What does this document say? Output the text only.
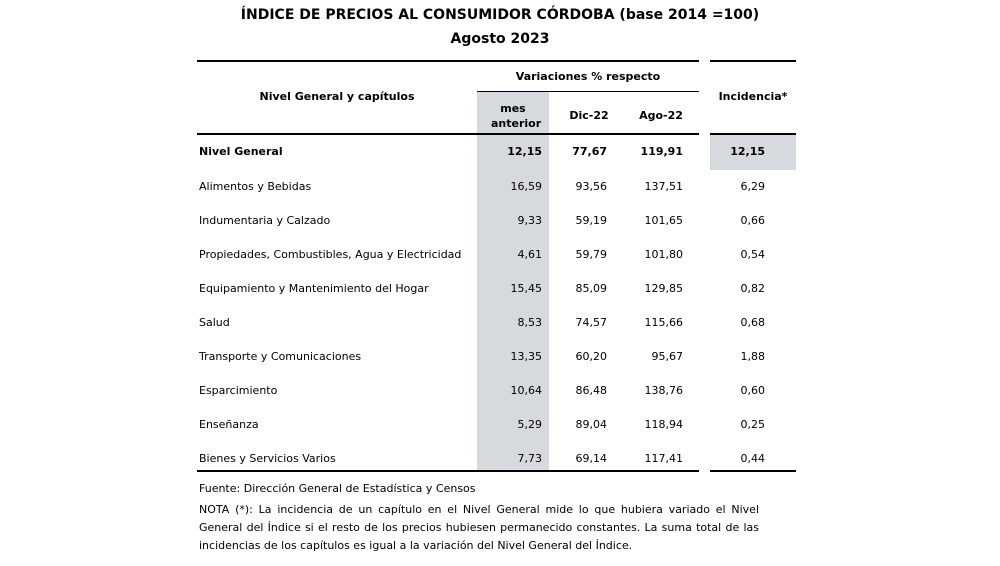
ÍNDICE DE PRECIOS AL CONSUMIDOR CÓRDOBA (base 2014 =100)
Agosto 2023
Nivel General y capítulos
Variaciones % respecto
mes anterior
Dic-22	Ago-22
Incidencia*
Nivel General	12,15	77,67	119,91	12,15
Alimentos y Bebidas	16,59	93,56	137,51	6,29
Indumentaria y Calzado	9,33	59,19	101,65	0,66
Propiedades, Combustibles, Agua y Electricidad	4,61	59,79	101,80	0,54
Equipamiento y Mantenimiento del Hogar	15,45	85,09	129,85	0,82
Salud	8,53	74,57	115,66	0,68
Transporte y Comunicaciones	13,35	60,20	95,67	1,88
Esparcimiento	10,64	86,48	138,76	0,60
Enseñanza	5,29	89,04	118,94	0,25
Bienes y Servicios Varios	7,73	69,14	117,41	0,44
Fuente: Dirección General de Estadística y Censos
NOTA (*): La incidencia de un capítulo en el Nivel General mide lo que hubiera variado el Nivel General del Índice si el resto de los precios hubiesen permanecido constantes. La suma total de las incidencias de los capítulos es igual a la variación del Nivel General del Índice.
